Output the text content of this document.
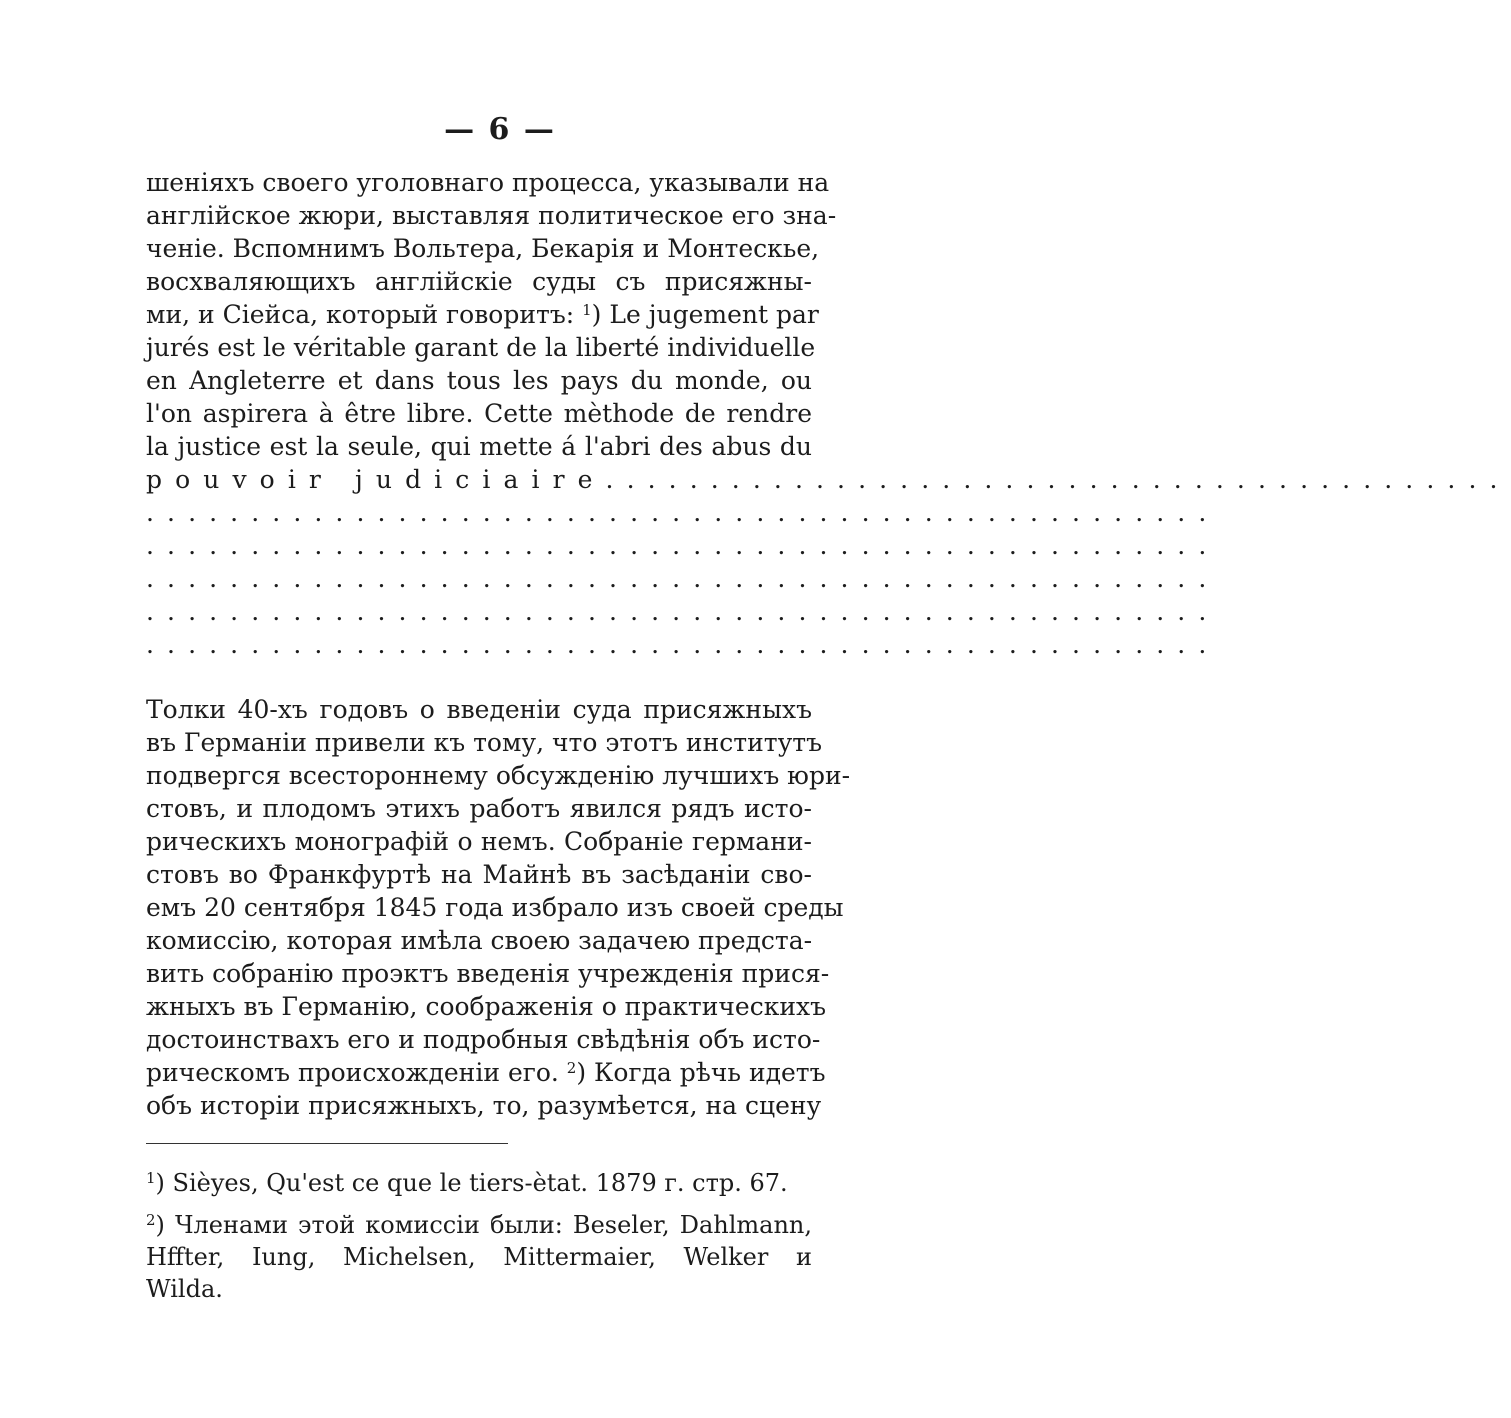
— 6 —
шеніяхъ своего уголовнаго процесса, указывали на
англійское жюри, выставляя политическое его зна-
ченіе. Вспомнимъ Вольтера, Бекарія и Монтескье,
восхваляющихъ англійскіе суды съ присяжны-
ми, и Сіейса, который говоритъ: $^1$) Le jugement par
jurés est le véritable garant de la liberté individuelle
en Angleterre et dans tous les pays du monde, ou
l'on aspirera à être libre. Cette mèthode de rendre
la justice est la seule, qui mette á l'abri des abus du
pouvoir judiciaire...........................................
...................................................
...................................................
...................................................
...................................................
...................................................
Толки 40-хъ годовъ о введеніи суда присяжныхъ
въ Германіи привели къ тому, что этотъ институтъ
подвергся всестороннему обсужденію лучшихъ юри-
стовъ, и плодомъ этихъ работъ явился рядъ исто-
рическихъ монографій о немъ. Собраніе германи-
стовъ во Франкфуртѣ на Майнѣ въ засѣданіи сво-
емъ 20 сентября 1845 года избрало изъ своей среды
комиссію, которая имѣла своею задачею предста-
вить собранію проэктъ введенія учрежденія прися-
жныхъ въ Германію, соображенія о практическихъ
достоинствахъ его и подробныя свѣдѣнія объ исто-
рическомъ происхожденіи его. $^2$) Когда рѣчь идетъ
объ исторіи присяжныхъ, то, разумѣется, на сцену
$^1$) Sièyes, Qu'est ce que le tiers-ètat. 1879 г. стр. 67.
$^2$) Членами этой комиссіи были: Beseler, Dahlmann,
Hffter, Iung, Michelsen, Mittermaier, Welker и
Wilda.
